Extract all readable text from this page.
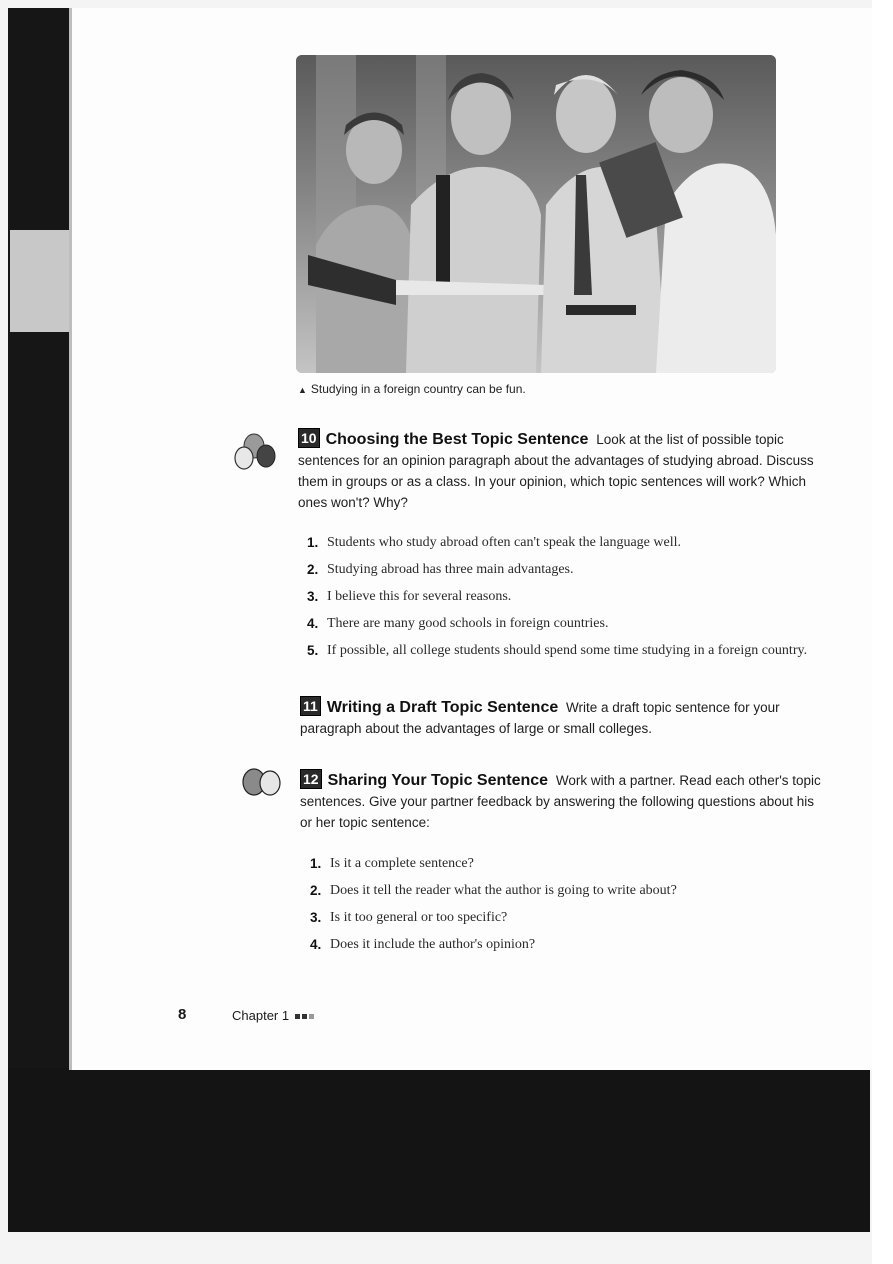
▲ Studying in a foreign country can be fun.
10 Choosing the Best Topic Sentence Look at the list of possible topic sentences for an opinion paragraph about the advantages of studying abroad. Discuss them in groups or as a class. In your opinion, which topic sentences will work? Which ones won't? Why?
1. Students who study abroad often can't speak the language well.
2. Studying abroad has three main advantages.
3. I believe this for several reasons.
4. There are many good schools in foreign countries.
5. If possible, all college students should spend some time studying in a foreign country.
11 Writing a Draft Topic Sentence Write a draft topic sentence for your paragraph about the advantages of large or small colleges.
12 Sharing Your Topic Sentence Work with a partner. Read each other's topic sentences. Give your partner feedback by answering the following questions about his or her topic sentence:
1. Is it a complete sentence?
2. Does it tell the reader what the author is going to write about?
3. Is it too general or too specific?
4. Does it include the author's opinion?
8	Chapter 1
